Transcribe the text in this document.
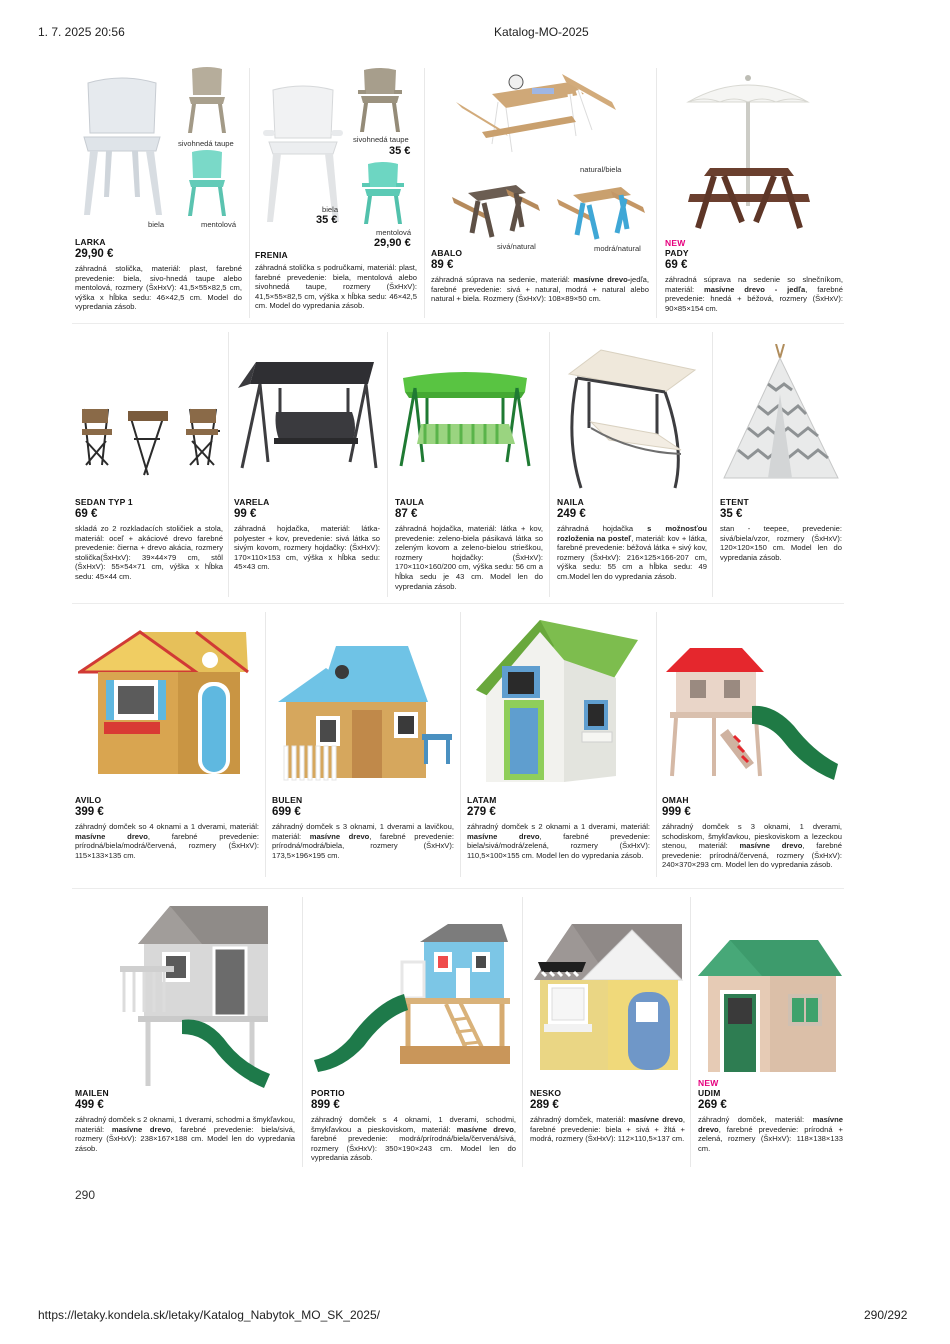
1. 7. 2025 20:56	Katalog-MO-2025
sivohnedá taupe
biela	mentolová
LARKA
29,90 €
záhradná stolička, materiál: plast, farebné prevedenie: biela, sivo-hnedá taupe alebo mentolová, rozmery (ŠxHxV): 41,5×55×82,5 cm, výška x hĺbka sedu: 46×42,5 cm. Model do vypredania zásob.
sivohnedá taupe
35 €
biela
35 €
mentolová
29,90 €
FRENIA
záhradná stolička s područkami, materiál: plast, farebné prevedenie: biela, mentolová alebo sivohnedá taupe, rozmery (ŠxHxV): 41,5×55×82,5 cm, výška x hĺbka sedu: 46×42,5 cm. Model do vypredania zásob.
natural/biela
sivá/natural	modrá/natural
ABALO
89 €
záhradná súprava na sedenie, materiál: masívne drevo-jedľa, farebné prevedenie: sivá + natural, modrá + natural alebo natural + biela. Rozmery (ŠxHxV): 108×89×50 cm.
NEW
PADY
69 €
záhradná súprava na sedenie so slnečníkom, materiál: masívne drevo - jedľa, farebné prevedenie: hnedá + béžová, rozmery (ŠxHxV): 90×85×154 cm.
SEDAN TYP 1
69 €
skladá zo 2 rozkladacích stoličiek a stola, materiál: oceľ + akáciové drevo farebné prevedenie: čierna + drevo akácia, rozmery stolička(ŠxHxV): 39×44×79 cm, stôl (ŠxHxV): 55×54×71 cm, výška x hĺbka sedu: 45×44 cm.
VARELA
99 €
záhradná hojdačka, materiál: látka-polyester + kov, prevedenie: sivá látka so sivým kovom, rozmery hojdačky: (ŠxHxV): 170×110×153 cm, výška x hĺbka sedu: 45×43 cm.
TAULA
87 €
záhradná hojdačka, materiál: látka + kov, prevedenie: zeleno-biela pásikavá látka so zeleným kovom a zeleno-bielou strieškou, rozmery hojdačky: (ŠxHxV): 170×110×160/200 cm, výška sedu: 56 cm a hĺbka sedu je 43 cm. Model len do vypredania zásob.
NAILA
249 €
záhradná hojdačka s možnosťou rozloženia na posteľ, materiál: kov + látka, farebné prevedenie: béžová látka + sivý kov, rozmery (ŠxHxV): 216×125×166-207 cm, výška sedu: 55 cm a hĺbka sedu: 49 cm.Model len do vypredania zásob.
ETENT
35 €
stan - teepee, prevedenie: sivá/biela/vzor, rozmery (ŠxHxV): 120×120×150 cm. Model len do vypredania zásob.
AVILO
399 €
záhradný domček so 4 oknami a 1 dverami, materiál: masívne drevo, farebné prevedenie: prírodná/biela/modrá/červená, rozmery (ŠxHxV): 115×133×135 cm.
BULEN
699 €
záhradný domček s 3 oknami, 1 dverami a lavičkou, materiál: masívne drevo, farebné prevedenie: prírodná/modrá/biela, rozmery (ŠxHxV): 173,5×196×195 cm.
LATAM
279 €
záhradný domček s 2 oknami a 1 dverami, materiál: masívne drevo, farebné prevedenie: biela/sivá/modrá/zelená, rozmery (ŠxHxV): 110,5×100×155 cm. Model len do vypredania zásob.
OMAH
999 €
záhradný domček s 3 oknami, 1 dverami, schodiskom, šmykľavkou, pieskoviskom a lezeckou stenou, materiál: masívne drevo, farebné prevedenie: prírodná/červená, rozmery (ŠxHxV): 240×370×293 cm. Model len do vypredania zásob.
MAILEN
499 €
záhradný domček s 2 oknami, 1 dverami, schodmi a šmykľavkou, materiál: masívne drevo, farebné prevedenie: biela/sivá, rozmery (ŠxHxV): 238×167×188 cm. Model len do vypredania zásob.
PORTIO
899 €
záhradný domček s 4 oknami, 1 dverami, schodmi, šmykľavkou a pieskoviskom, materiál: masívne drevo, farebné prevedenie: modrá/prírodná/biela/červená/sivá, rozmery (ŠxHxV): 350×190×243 cm. Model len do vypredania zásob.
NESKO
289 €
záhradný domček, materiál: masívne drevo, farebné prevedenie: biela + sivá + žltá + modrá, rozmery (ŠxHxV): 112×110,5×137 cm.
NEW
UDIM
269 €
záhradný domček, materiál: masívne drevo, farebné prevedenie: prírodná + zelená, rozmery (ŠxHxV): 118×138×133 cm.
290
https://letaky.kondela.sk/letaky/Katalog_Nabytok_MO_SK_2025/	290/292
